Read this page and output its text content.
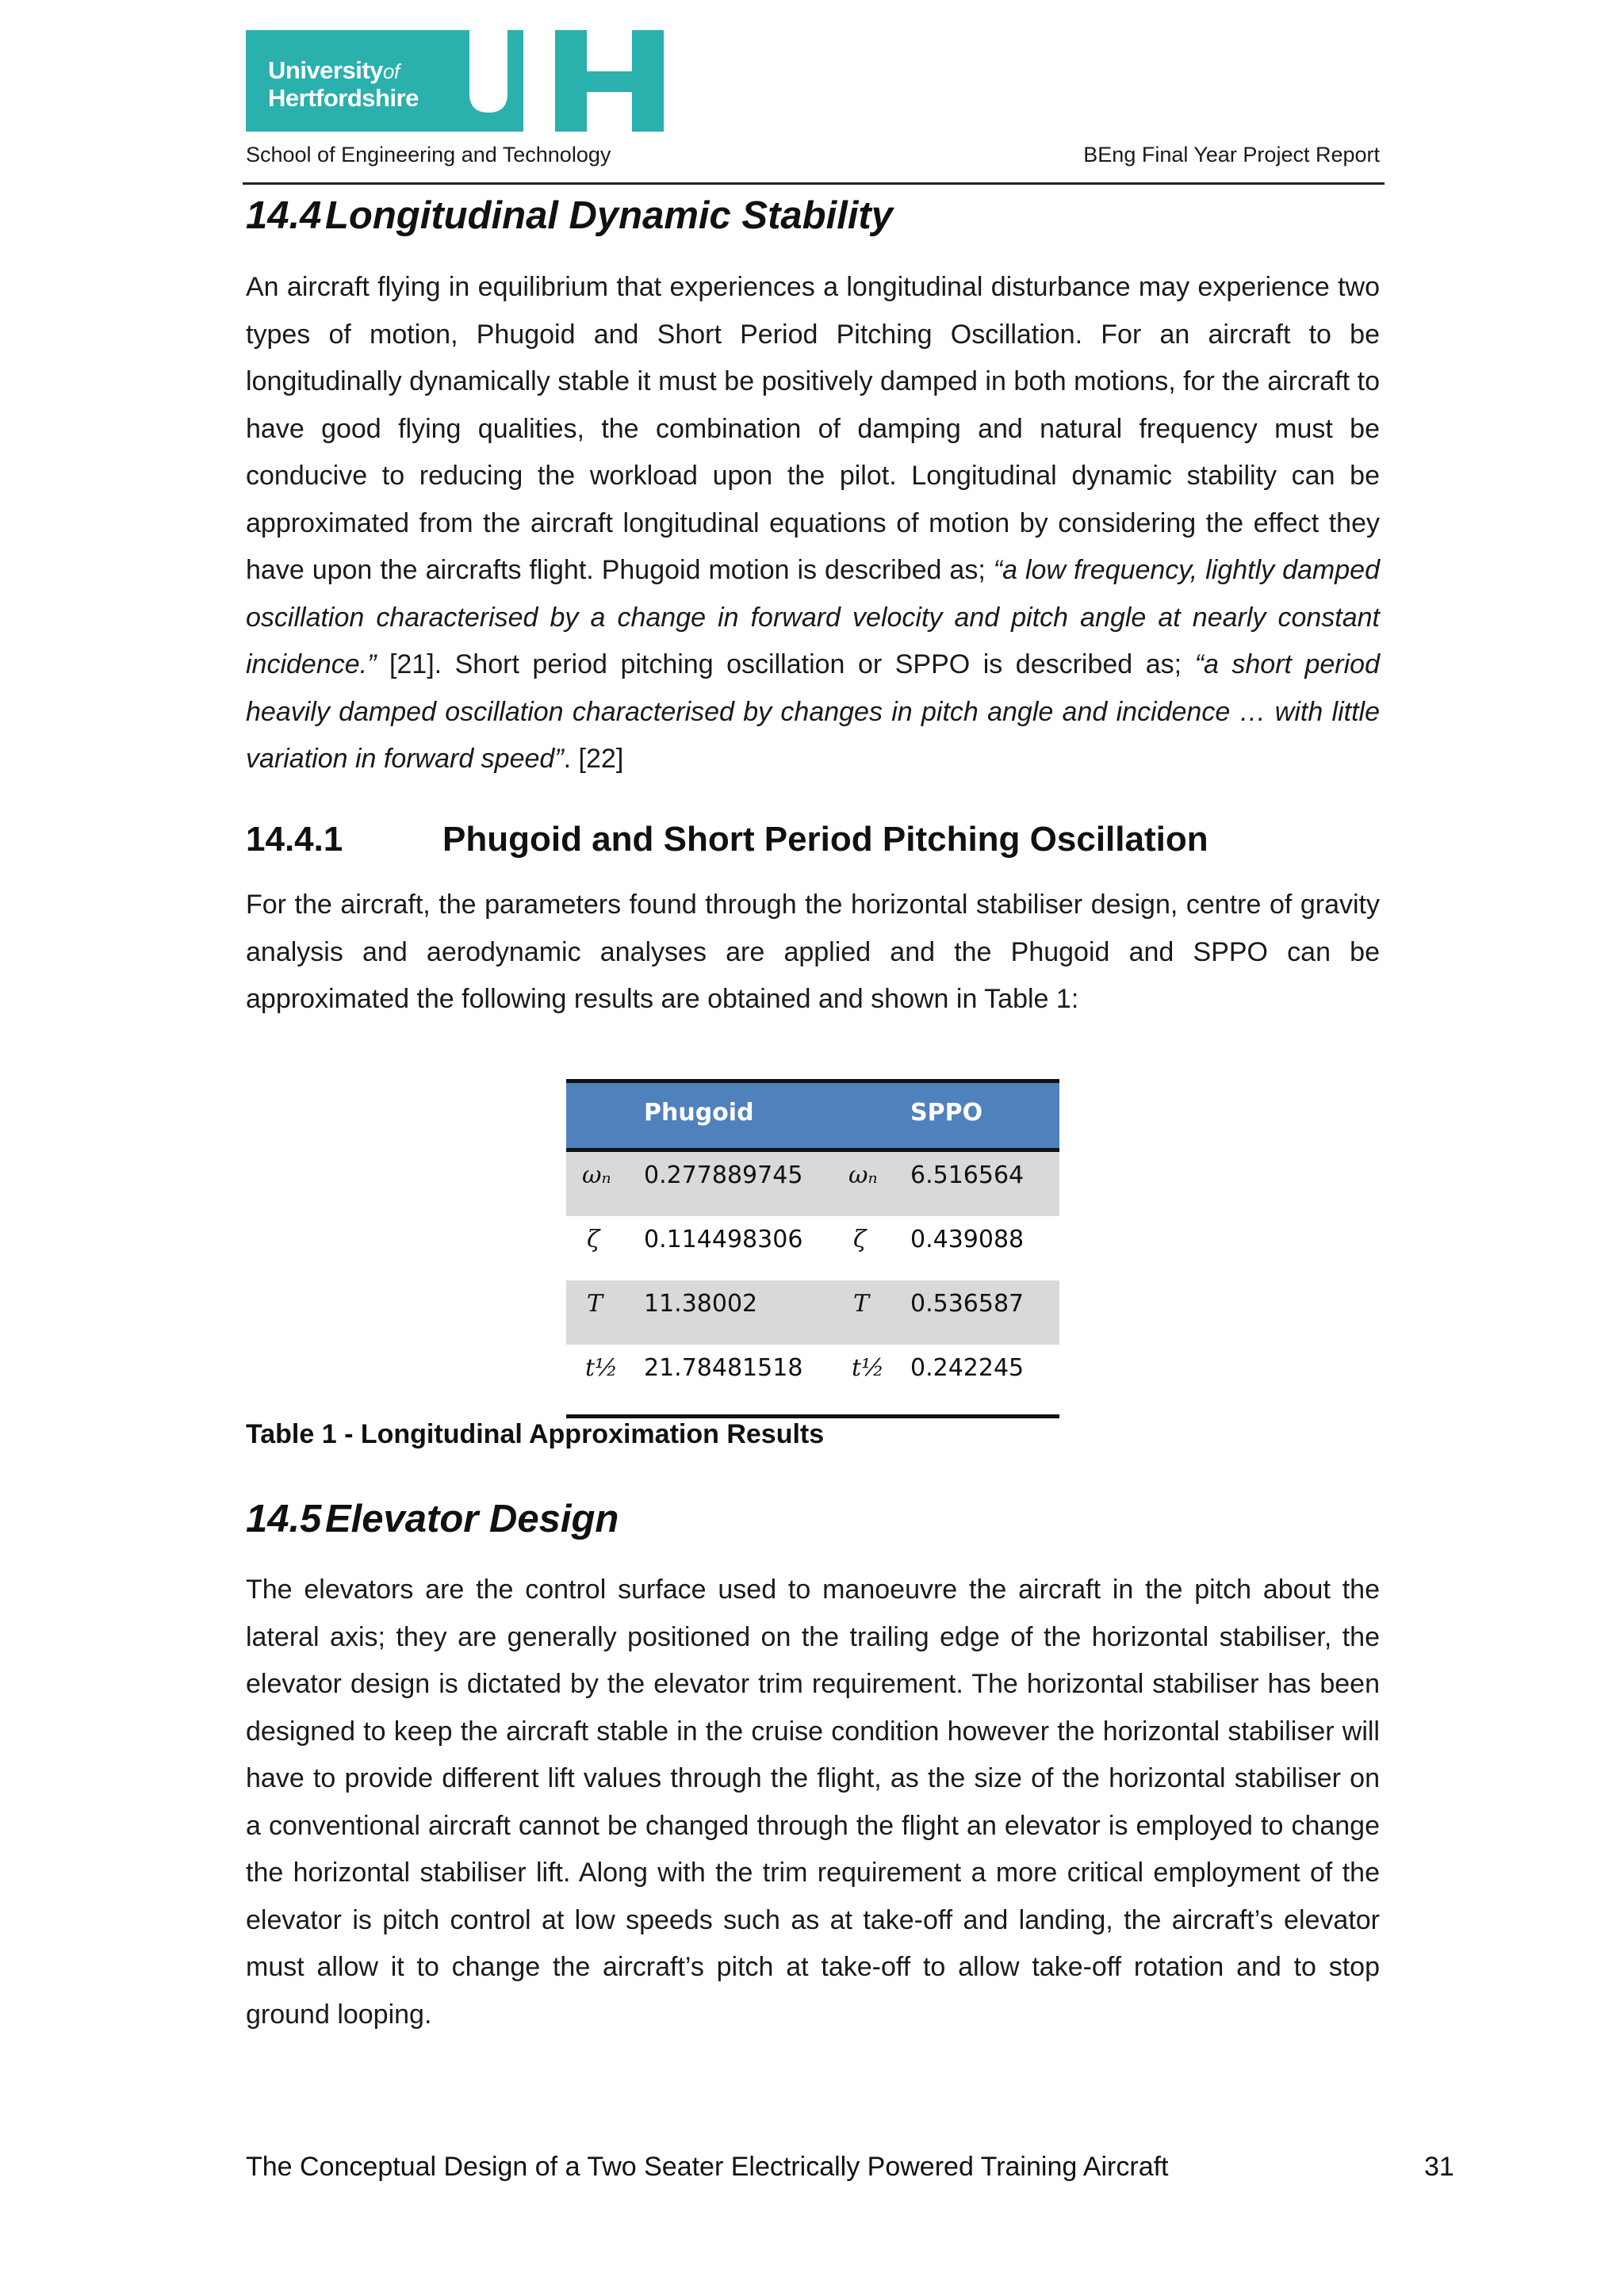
Universityof
Hertfordshire
School of Engineering and Technology	BEng Final Year Project Report
14.4Longitudinal Dynamic Stability
An aircraft flying in equilibrium that experiences a longitudinal disturbance may experience two types of motion, Phugoid and Short Period Pitching Oscillation. For an aircraft to be longitudinally dynamically stable it must be positively damped in both motions, for the aircraft to have good flying qualities, the combination of damping and natural frequency must be conducive to reducing the workload upon the pilot. Longitudinal dynamic stability can be approximated from the aircraft longitudinal equations of motion by considering the effect they have upon the aircrafts flight. Phugoid motion is described as; “a low frequency, lightly damped oscillation characterised by a change in forward velocity and pitch angle at nearly constant incidence.” [21]. Short period pitching oscillation or SPPO is described as; “a short period heavily damped oscillation characterised by changes in pitch angle and incidence … with little variation in forward speed”. [22]
14.4.1	Phugoid and Short Period Pitching Oscillation
For the aircraft, the parameters found through the horizontal stabiliser design, centre of gravity analysis and aerodynamic analyses are applied and the Phugoid and SPPO can be approximated the following results are obtained and shown in Table 1:
Phugoid	SPPO
ωₙ 0.277889745 ωₙ 6.516564
ζ 0.114498306 ζ 0.439088
T 11.38002	T 0.536587
t½ 21.78481518 t½ 0.242245
Table 1 - Longitudinal Approximation Results
14.5Elevator Design
The elevators are the control surface used to manoeuvre the aircraft in the pitch about the lateral axis; they are generally positioned on the trailing edge of the horizontal stabiliser, the elevator design is dictated by the elevator trim requirement. The horizontal stabiliser has been designed to keep the aircraft stable in the cruise condition however the horizontal stabiliser will have to provide different lift values through the flight, as the size of the horizontal stabiliser on a conventional aircraft cannot be changed through the flight an elevator is employed to change the horizontal stabiliser lift. Along with the trim requirement a more critical employment of the elevator is pitch control at low speeds such as at take-off and landing, the aircraft’s elevator must allow it to change the aircraft’s pitch at take-off to allow take-off rotation and to stop ground looping.
The Conceptual Design of a Two Seater Electrically Powered Training Aircraft	31
